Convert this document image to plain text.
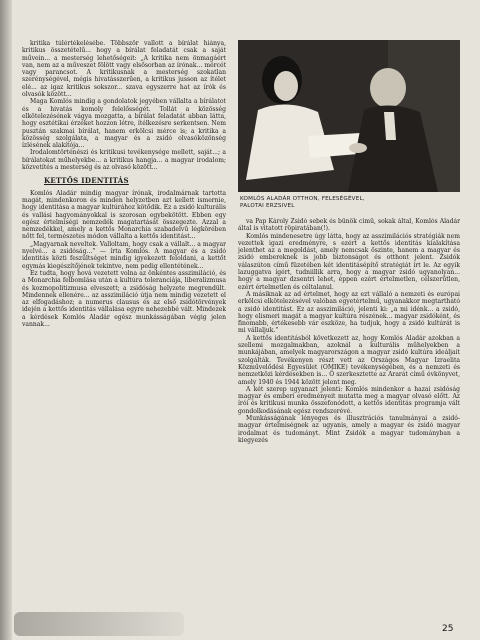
kritika túlértékelésébe. Többször vallott a bírálat hiánya, kritikus összetételű... hogy a bírálat feladatát csak a saját művein... a mesterség lehetőségeit: „A kritika nem önmagáért van, nem az a műveszet fölött vagy elsősorban az írónak... mércét vagy parancsot. A kritikusnak a mesterség szokatlan szerénységével, mégis hivatásszerűen, a kritikus jusson az ítélet elé... az igaz kritikus sokszor... szava egyszerre hat az írók és olvasók között...

Maga Komlós mindig a gondolatok jegyében vállalta a bírálatot és a hivatás komoly felelősségét. Tollát a közösség elkötelezésének vágya mozgatta, a bírálat feladatát abban látta, hogy esztétikai érzéket hozzon létre, ítélkezésre serkentsen. Nem pusztán szakmai bírálat, hanem erkölcsi mérce is; a kritika a közösség szolgálata, a magyar és a zsidó olvasóközönség ízlésének alakítója...

Irodalomtörténészi és kritikusi tevékenysége mellett, saját...; a bírálatokat műhelyekbe... a kritikus hangja... a magyar irodalom; közvetítés a mesterség és az olvasó között...

KETTŐS IDENTITÁS

Komlós Aladár mindig magyar írónak, irodalmárnak tartotta magát, mindenkoron és minden helyzetben azt kellett ismernie, hogy identitása a magyar kultúrához kötődik. Ez a zsidó kulturális és vallási hagyományokkal is szorosan egybekötött. Ebben egy egész értelmiségi nemzedék magatartását összegezte. Azzal a nemzedékkel, amely a kettős Monarchia szabadelvű légkörében nőtt fel, természetes módon vállalta a kettős identitást...

„Magyarnak neveltek. Valloltam, hogy csak a vállalt... a magyar nyelvé... a zsidóság...” — írta Komlós. A magyar és a zsidó identitás közti feszültséget mindig igyekezett feloldani, a kettőt egymás kiegészítőjének tekintve, nem pedig ellentétének...

Ez tudta, hogy hová vezetett volna az önkéntes asszimiláció, és a Monarchia felbomlása után a kultúra toleranciája, liberalizmusa és kozmopolitizmusa elveszett; a zsidóság helyzete megrendült. Mindennek ellenére... az asszimiláció útja nem mindig vezetett el az elfogadáshoz; a numerus clausus és az első zsidótörvények idején a kettős identitás vállalása egyre nehezebbé vált. Mindezek a kérdések Komlós Aladár egész munkásságában végig jelen vannak...

KOMLÓS ALADÁR OTTHON, FELESÉGÉVEL,
PALOTAI ERZSIVEL

va Pap Károly Zsidó sebek és bűnök című, sokak által, Komlós Aladár által is vitatott röpiratában(!).

Komlós mindenesetre úgy látta, hogy az asszimilációs stratégiák nem vezettek igazi eredményre, s ezért a kettős identitás kialakítása jelenthet az a megoldást, amely nemcsak őszinte, hanem a magyar és zsidó embereknek is jobb biztonságot és otthont jelent. Zsidók válaszúton című füzetében két identitásépítő stratégiát írt le. Az egyik lazuggatva ígért, tudniillik arra, hogy a magyar zsidó ugyanolyan... hogy a magyar dzsentri lehet, éppen ezért értelmetlen, célszerűtlen, ezért értelmetlen és céltalanul.

A másiknak az ad értelmet, hogy az ezt vállaló a nemzeti és európai erkölcsi elkötelezésével valóban egyetértelmű, ugyanakkor megtartható a zsidó identitást. Ez az asszimiláció, jelenti ki: „a mi idénk... a zsidó, hogy elismeri magát a magyar kultúra részének... magyar zsidóként, és finomabb, értékesebb vár eszköze, ha tudjuk, hogy a zsidó kultúrát is mi vállaljuk.”

A kettős identitásból következett az, hogy Komlós Aladár azokban a szellemi mozgalmakban, azoknál a kulturális műhelyekben a munkájában, amelyek magyarországon a magyar zsidó kultúra ideáljait szolgálták. Tevékenyen részt vett az Országos Magyar Izraelita Közművelődési Egyesület (OMIKE) tevékenységében, és a nemzeti és nemzetközi kérdésekben is... Ő szerkesztette az Ararát című évkönyvet, amely 1940 és 1944 között jelent meg.

A két szerep ugyanazt jelenti: Komlós mindenkor a hazai zsidóság magyar és emberi eredményeit mutatta meg a magyar olvasó előtt. Az írói és kritikusi munka összefonódott, a kettős identitás programja vált gondolkodásának egész rendszerévé.

Munkásságának lényeges és illusztrációs tanulmányai a zsidó-magyar értelmiségnek az ugyanis, amely a magyar és zsidó magyar irodalmat és tudományt. Mint Zsidók a magyar tudományban a kiegyezés

25
